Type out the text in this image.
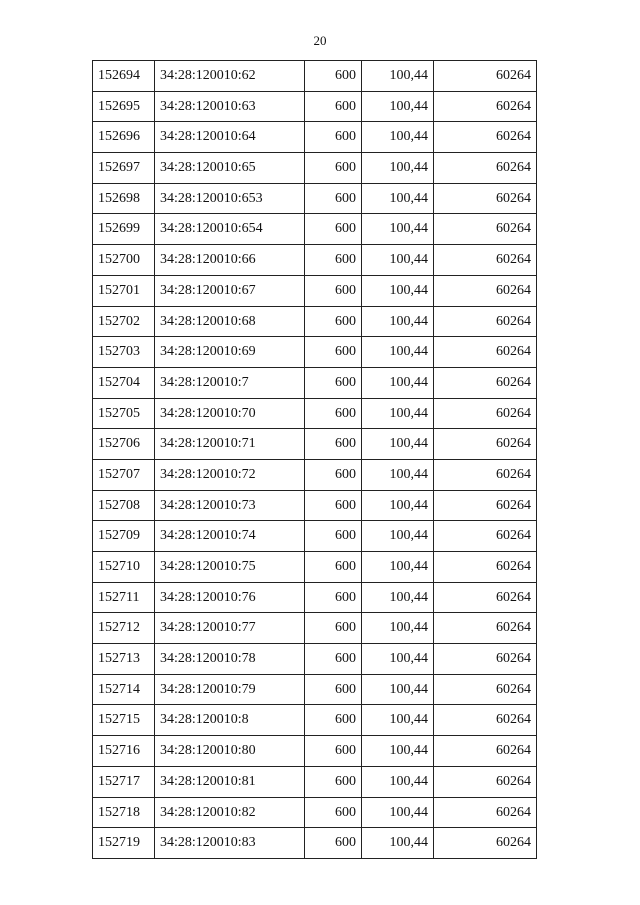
20
152694	34:28:120010:62	600	100,44	60264
152695	34:28:120010:63	600	100,44	60264
152696	34:28:120010:64	600	100,44	60264
152697	34:28:120010:65	600	100,44	60264
152698	34:28:120010:653	600	100,44	60264
152699	34:28:120010:654	600	100,44	60264
152700	34:28:120010:66	600	100,44	60264
152701	34:28:120010:67	600	100,44	60264
152702	34:28:120010:68	600	100,44	60264
152703	34:28:120010:69	600	100,44	60264
152704	34:28:120010:7	600	100,44	60264
152705	34:28:120010:70	600	100,44	60264
152706	34:28:120010:71	600	100,44	60264
152707	34:28:120010:72	600	100,44	60264
152708	34:28:120010:73	600	100,44	60264
152709	34:28:120010:74	600	100,44	60264
152710	34:28:120010:75	600	100,44	60264
152711	34:28:120010:76	600	100,44	60264
152712	34:28:120010:77	600	100,44	60264
152713	34:28:120010:78	600	100,44	60264
152714	34:28:120010:79	600	100,44	60264
152715	34:28:120010:8	600	100,44	60264
152716	34:28:120010:80	600	100,44	60264
152717	34:28:120010:81	600	100,44	60264
152718	34:28:120010:82	600	100,44	60264
152719	34:28:120010:83	600	100,44	60264
